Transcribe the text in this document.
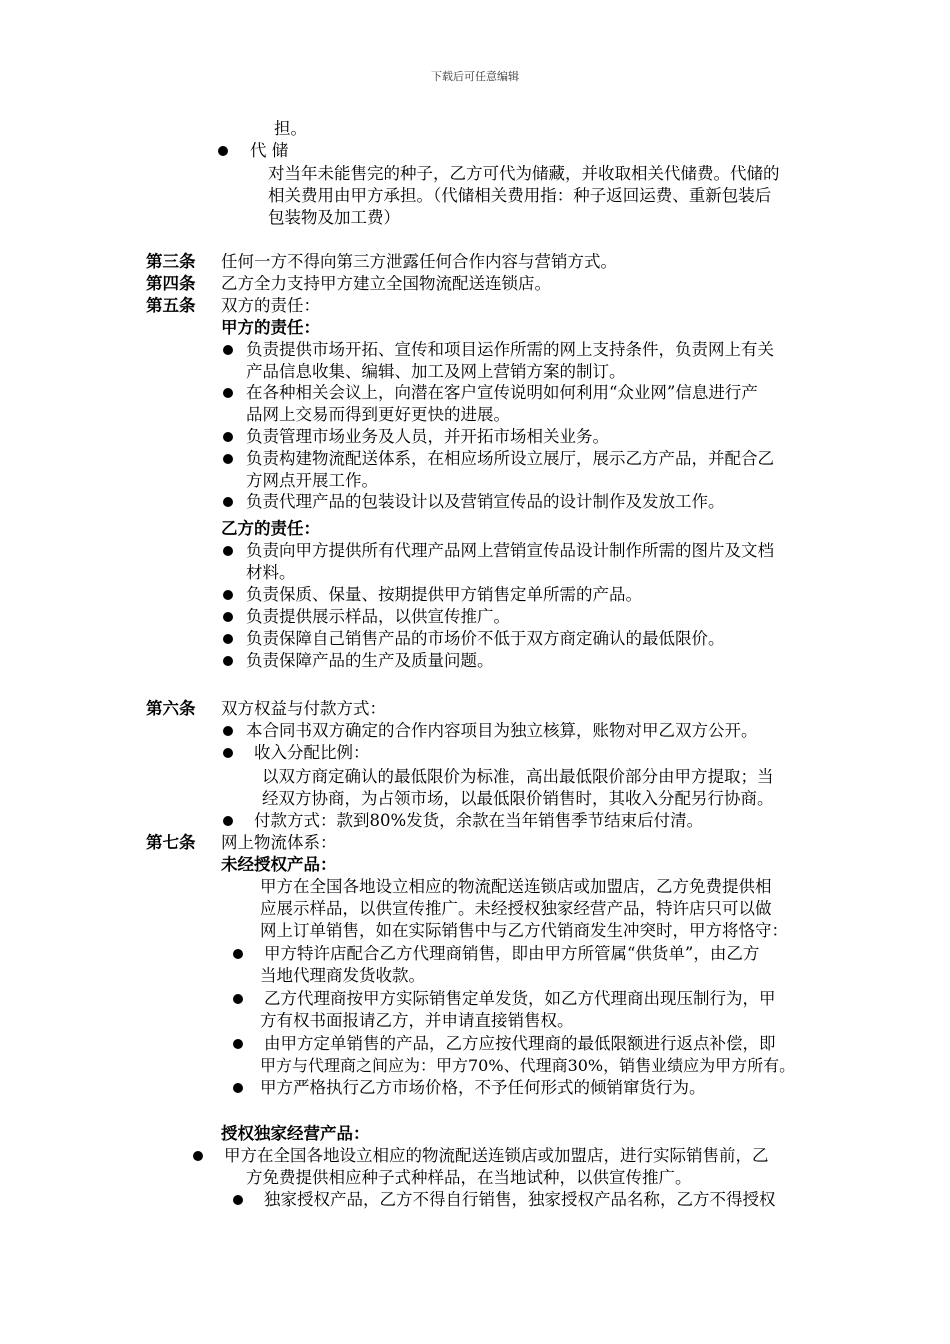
下载后可任意编辑
担。
代 储
对当年未能售完的种子，乙方可代为储藏，并收取相关代储费。代储的
相关费用由甲方承担。（代储相关费用指：种子返回运费、重新包装后
包装物及加工费）
第三条 任何一方不得向第三方泄露任何合作内容与营销方式。
第四条 乙方全力支持甲方建立全国物流配送连锁店。
第五条 双方的责任：
甲方的责任：
负责提供市场开拓、宣传和项目运作所需的网上支持条件，负责网上有关
产品信息收集、编辑、加工及网上营销方案的制订。
在各种相关会议上，向潜在客户宣传说明如何利用“众业网”信息进行产
品网上交易而得到更好更快的进展。
负责管理市场业务及人员，并开拓市场相关业务。
负责构建物流配送体系，在相应场所设立展厅，展示乙方产品，并配合乙
方网点开展工作。
负责代理产品的包装设计以及营销宣传品的设计制作及发放工作。
乙方的责任：
负责向甲方提供所有代理产品网上营销宣传品设计制作所需的图片及文档
材料。
负责保质、保量、按期提供甲方销售定单所需的产品。
负责提供展示样品，以供宣传推广。
负责保障自己销售产品的市场价不低于双方商定确认的最低限价。
负责保障产品的生产及质量问题。
第六条 双方权益与付款方式：
本合同书双方确定的合作内容项目为独立核算，账物对甲乙双方公开。
收入分配比例：
以双方商定确认的最低限价为标准，高出最低限价部分由甲方提取；当
经双方协商，为占领市场，以最低限价销售时，其收入分配另行协商。
付款方式：款到80%发货，余款在当年销售季节结束后付清。
第七条 网上物流体系：
未经授权产品：
甲方在全国各地设立相应的物流配送连锁店或加盟店，乙方免费提供相
应展示样品，以供宣传推广。未经授权独家经营产品，特许店只可以做
网上订单销售，如在实际销售中与乙方代销商发生冲突时，甲方将恪守：
甲方特许店配合乙方代理商销售，即由甲方所管属“供货单”，由乙方
当地代理商发货收款。
乙方代理商按甲方实际销售定单发货，如乙方代理商出现压制行为，甲
方有权书面报请乙方，并申请直接销售权。
由甲方定单销售的产品，乙方应按代理商的最低限额进行返点补偿，即
甲方与代理商之间应为：甲方70%、代理商30%，销售业绩应为甲方所有。
甲方严格执行乙方市场价格，不予任何形式的倾销窜货行为。
授权独家经营产品：
甲方在全国各地设立相应的物流配送连锁店或加盟店，进行实际销售前，乙
方免费提供相应种子式种样品，在当地试种，以供宣传推广。
独家授权产品，乙方不得自行销售，独家授权产品名称，乙方不得授权
